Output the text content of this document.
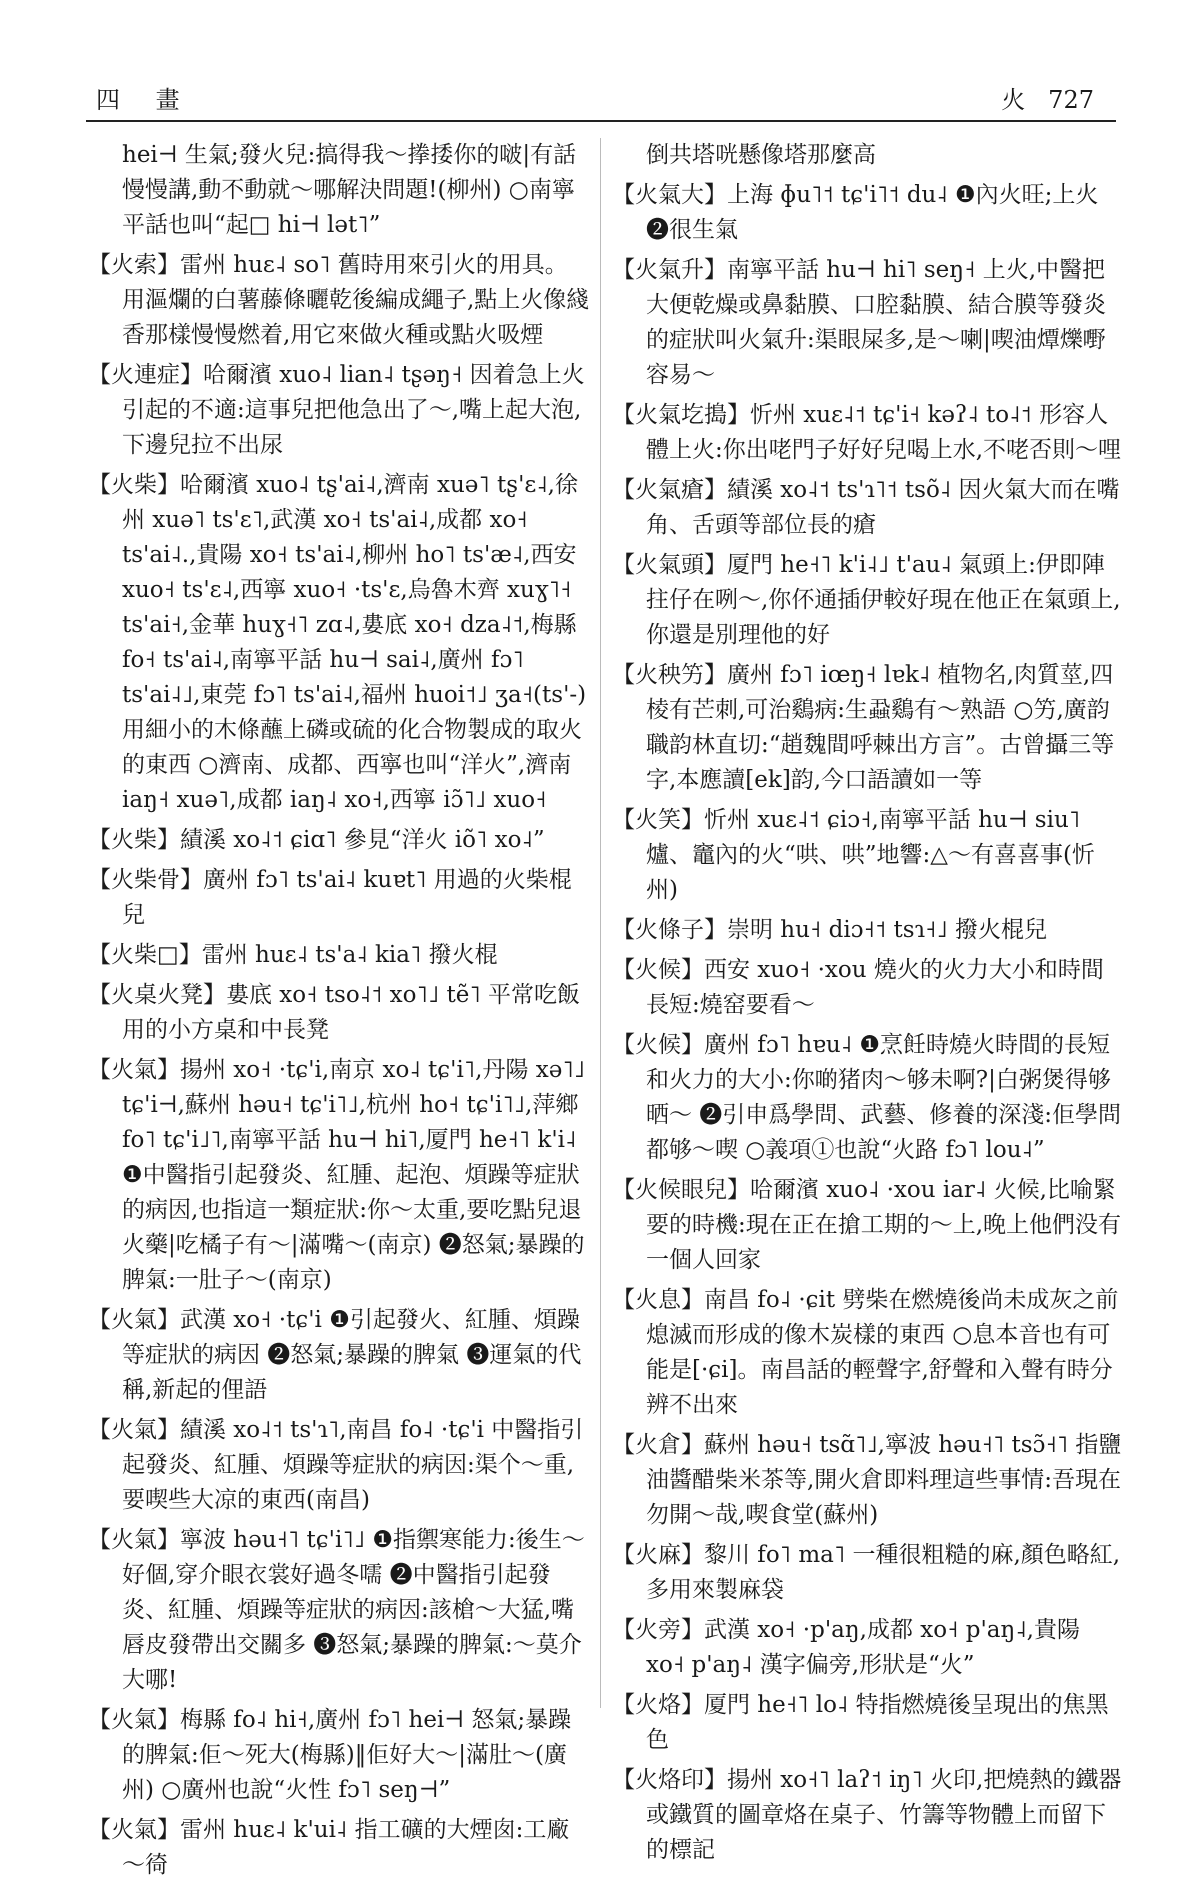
四 畫	火   727

hei⊣ 生氣;發火兒:搞得我～搼捼你的啵|有話慢慢講,動不動就～哪解決問題!(柳州) ○南寧平話也叫“起□ hi⊣ lət˥”

【火索】雷州 huɛ˨ so˥ 舊時用來引火的用具。用漚爛的白薯藤條曬乾後編成繩子,點上火像綫香那樣慢慢燃着,用它來做火種或點火吸煙

【火連症】哈爾濱 xuo˨ lian˨ tʂəŋ˧ 因着急上火引起的不適:這事兒把他急出了～,嘴上起大泡,下邊兒拉不出尿

【火柴】哈爾濱 xuo˨ tʂ'ai˨,濟南 xuə˥ tʂ'ɛ˨,徐州 xuə˥ ts'ɛ˥,武漢 xo˧ ts'ai˨,成都 xo˧ ts'ai˨.,貴陽 xo˧ ts'ai˨,柳州 ho˥ ts'æ˨,西安 xuo˧ ts'ɛ˨,西寧 xuo˧ ·ts'ɛ,烏魯木齊 xuɣ˥˧ ts'ai˧,金華 huɣ˧˥ zɑ˨,婁底 xo˧ dza˨˦,梅縣 fo˧ ts'ai˨,南寧平話 hu⊣ sai˨,廣州 fɔ˥ ts'ai˨˩,東莞 fɔ˥ ts'ai˨,福州 huoi˦˩ ʒa˧(ts'-) 用細小的木條蘸上磷或硫的化合物製成的取火的東西 ○濟南、成都、西寧也叫“洋火”,濟南 iaŋ˧ xuə˥,成都 iaŋ˨ xo˧,西寧 iɔ̃˥˩ xuo˧

【火柴】績溪 xo˨˦ ɕiɑ˥ 參見“洋火 iõ˥ xo˨”

【火柴骨】廣州 fɔ˥ ts'ai˨ kuɐt˥ 用過的火柴棍兒

【火柴□】雷州 huɛ˨ ts'a˨ kia˥ 撥火棍

【火桌火凳】婁底 xo˧ tso˨˦ xo˥˩ tẽ˥ 平常吃飯用的小方桌和中長凳

【火氣】揚州 xo˧ ·tɕ'i,南京 xo˨ tɕ'i˥,丹陽 xə˥˩ tɕ'i⊣,蘇州 həu˧ tɕ'i˥˩,杭州 ho˧ tɕ'i˥˩,萍鄉 fo˥ tɕ'i˩˥,南寧平話 hu⊣ hi˥,厦門 he˧˥ k'i˨ ❶中醫指引起發炎、紅腫、起泡、煩躁等症狀的病因,也指這一類症狀:你～太重,要吃點兒退火藥|吃橘子有～|滿嘴～(南京) ❷怒氣;暴躁的脾氣:一肚子～(南京)

【火氣】武漢 xo˧ ·tɕ'i ❶引起發火、紅腫、煩躁等症狀的病因 ❷怒氣;暴躁的脾氣 ❸運氣的代稱,新起的俚語

【火氣】績溪 xo˨˦ ts'ɿ˥,南昌 fo˨ ·tɕ'i 中醫指引起發炎、紅腫、煩躁等症狀的病因:渠个～重,要喫些大凉的東西(南昌)

【火氣】寧波 həu˧˥ tɕ'i˥˩ ❶指禦寒能力:後生～好個,穿介眼衣裳好過冬嚅 ❷中醫指引起發炎、紅腫、煩躁等症狀的病因:該槍～大猛,嘴唇皮發帶出交關多 ❸怒氣;暴躁的脾氣:～莫介大哪!

【火氣】梅縣 fo˨ hi˧,廣州 fɔ˥ hei⊣ 怒氣;暴躁的脾氣:佢～死大(梅縣)‖佢好大～|滿肚～(廣州) ○廣州也說“火性 fɔ˥ seŋ⊣”

【火氣】雷州 huɛ˨ k'ui˨ 指工礦的大煙囱:工廠～徛

倒共塔咣懸像塔那麼高

【火氣大】上海 ɸu˥˦ tɕ'i˥˦ du˨ ❶內火旺;上火 ❷很生氣

【火氣升】南寧平話 hu⊣ hi˥ seŋ˧ 上火,中醫把大便乾燥或鼻黏膜、口腔黏膜、結合膜等發炎的症狀叫火氣升:渠眼屎多,是～喇|喫油燂爍嘢容易～

【火氣圪搗】忻州 xuɛ˨˦ tɕ'i˧ kəʔ˨ to˨˦ 形容人體上火:你出咾門子好好兒喝上水,不咾否則～哩

【火氣瘡】績溪 xo˨˦ ts'ɿ˥˦ tsõ˨ 因火氣大而在嘴角、舌頭等部位長的瘡

【火氣頭】厦門 he˧˥ k'i˨˩ t'au˨ 氣頭上:伊即陣拄仔在咧～,你伓通插伊較好現在他正在氣頭上,你還是別理他的好

【火秧竻】廣州 fɔ˥ iœŋ˧ lɐk˨ 植物名,肉質莖,四棱有芒刺,可治鷄病:生蝨鷄有～熟語 ○竻,廣韵職韵林直切:“趙魏間呼棘出方言”。古曾攝三等字,本應讀[ek]韵,今口語讀如一等

【火笑】忻州 xuɛ˨˦ ɕiɔ˧,南寧平話 hu⊣ siu˥ 爐、竈內的火“哄、哄”地響:△～有喜喜事(忻州)

【火條子】崇明 hu˧ diɔ˧˦ tsɿ˧˩ 撥火棍兒

【火候】西安 xuo˧ ·xou 燒火的火力大小和時間長短:燒窑要看～

【火候】廣州 fɔ˥ hɐu˨ ❶烹飪時燒火時間的長短和火力的大小:你啲猪肉～够未啊?|白粥煲得够晒～ ❷引申爲學問、武藝、修養的深淺:佢學問都够～喫 ○義項①也說“火路 fɔ˥ lou˨”

【火候眼兒】哈爾濱 xuo˨ ·xou iar˨ 火候,比喻緊要的時機:現在正在搶工期的～上,晚上他們没有一個人回家

【火息】南昌 fo˨ ·ɕit 劈柴在燃燒後尚未成灰之前熄滅而形成的像木炭樣的東西 ○息本音也有可能是[·ɕi]。南昌話的輕聲字,舒聲和入聲有時分辨不出來

【火倉】蘇州 həu˧ tsɑ̃˥˩,寧波 həu˧˥ tsɔ̃˧˥ 指鹽油醬醋柴米茶等,開火倉即料理這些事情:吾現在勿開～哉,喫食堂(蘇州)

【火麻】黎川 fo˥ ma˥ 一種很粗糙的麻,顏色略紅,多用來製麻袋

【火旁】武漢 xo˧ ·p'aŋ,成都 xo˧ p'aŋ˨,貴陽 xo˧ p'aŋ˨ 漢字偏旁,形狀是“火”

【火烙】厦門 he˧˥ lo˨ 特指燃燒後呈現出的焦黑色

【火烙印】揚州 xo˧˥ laʔ˦ iŋ˥ 火印,把燒熱的鐵器或鐵質的圖章烙在桌子、竹籌等物體上而留下的標記
